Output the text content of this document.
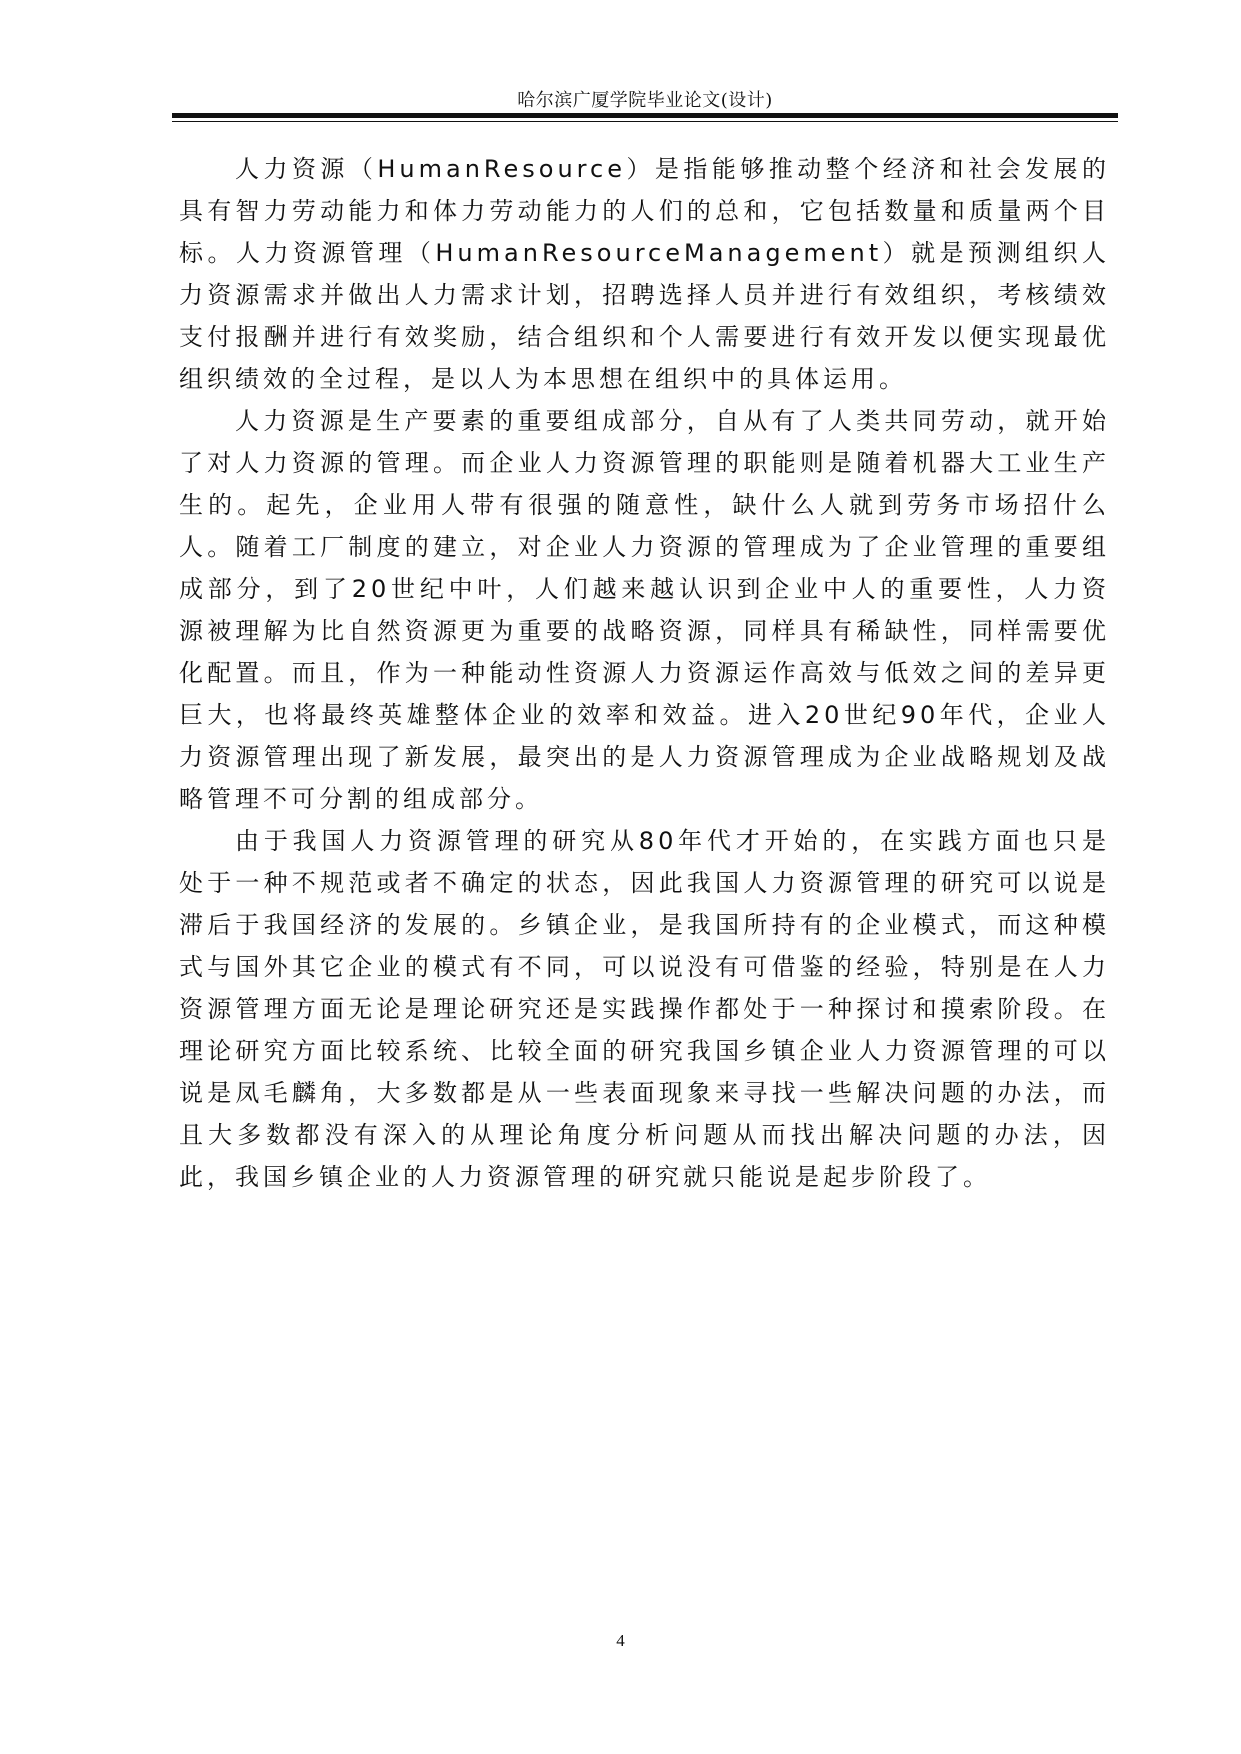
哈尔滨广厦学院毕业论文(设计)

人力资源（HumanResource）是指能够推动整个经济和社会发展的具有智力劳动能力和体力劳动能力的人们的总和，它包括数量和质量两个目标。人力资源管理（HumanResourceManagement）就是预测组织人力资源需求并做出人力需求计划，招聘选择人员并进行有效组织，考核绩效支付报酬并进行有效奖励，结合组织和个人需要进行有效开发以便实现最优组织绩效的全过程，是以人为本思想在组织中的具体运用。

人力资源是生产要素的重要组成部分，自从有了人类共同劳动，就开始了对人力资源的管理。而企业人力资源管理的职能则是随着机器大工业生产生的。起先，企业用人带有很强的随意性，缺什么人就到劳务市场招什么人。随着工厂制度的建立，对企业人力资源的管理成为了企业管理的重要组成部分，到了20世纪中叶，人们越来越认识到企业中人的重要性，人力资源被理解为比自然资源更为重要的战略资源，同样具有稀缺性，同样需要优化配置。而且，作为一种能动性资源人力资源运作高效与低效之间的差异更巨大，也将最终英雄整体企业的效率和效益。进入20世纪90年代，企业人力资源管理出现了新发展，最突出的是人力资源管理成为企业战略规划及战略管理不可分割的组成部分。

由于我国人力资源管理的研究从80年代才开始的，在实践方面也只是处于一种不规范或者不确定的状态，因此我国人力资源管理的研究可以说是滞后于我国经济的发展的。乡镇企业，是我国所持有的企业模式，而这种模式与国外其它企业的模式有不同，可以说没有可借鉴的经验，特别是在人力资源管理方面无论是理论研究还是实践操作都处于一种探讨和摸索阶段。在理论研究方面比较系统、比较全面的研究我国乡镇企业人力资源管理的可以说是凤毛麟角，大多数都是从一些表面现象来寻找一些解决问题的办法，而且大多数都没有深入的从理论角度分析问题从而找出解决问题的办法，因此，我国乡镇企业的人力资源管理的研究就只能说是起步阶段了。

4
